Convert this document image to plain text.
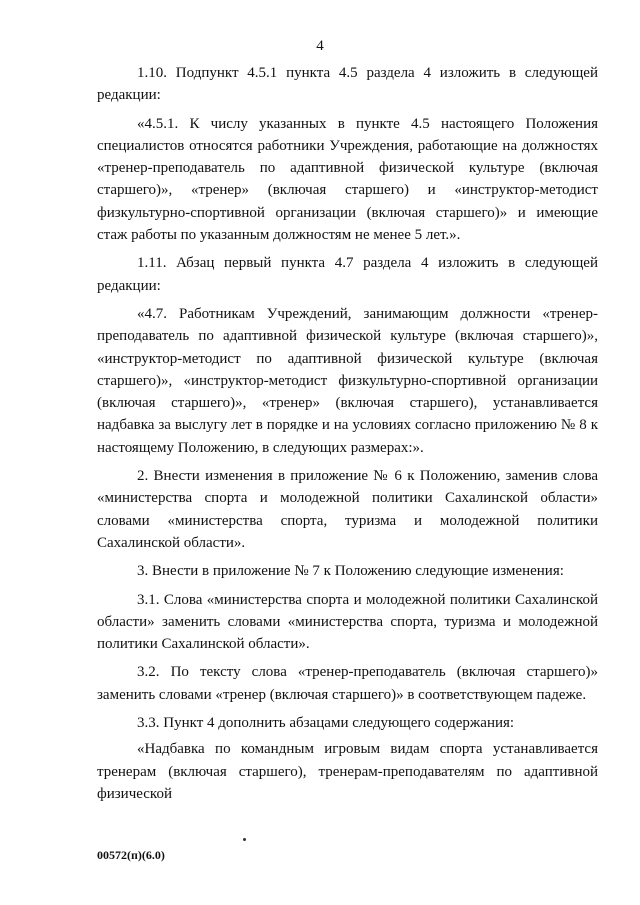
4

1.10. Подпункт 4.5.1 пункта 4.5 раздела 4 изложить в следующей редакции:

«4.5.1. К числу указанных в пункте 4.5 настоящего Положения специалистов относятся работники Учреждения, работающие на должностях «тренер-преподаватель по адаптивной физической культуре (включая старшего)», «тренер» (включая старшего) и «инструктор-методист физкультурно-спортивной организации (включая старшего)» и имеющие стаж работы по указанным должностям не менее 5 лет.».

1.11. Абзац первый пункта 4.7 раздела 4 изложить в следующей редакции:

«4.7. Работникам Учреждений, занимающим должности «тренер-преподаватель по адаптивной физической культуре (включая старшего)», «инструктор-методист по адаптивной физической культуре (включая старшего)», «инструктор-методист физкультурно-спортивной организации (включая старшего)», «тренер» (включая старшего), устанавливается надбавка за выслугу лет в порядке и на условиях согласно приложению № 8 к настоящему Положению, в следующих размерах:».

2. Внести изменения в приложение № 6 к Положению, заменив слова «министерства спорта и молодежной политики Сахалинской области» словами «министерства спорта, туризма и молодежной политики Сахалинской области».

3. Внести в приложение № 7 к Положению следующие изменения:

3.1. Слова «министерства спорта и молодежной политики Сахалинской области» заменить словами «министерства спорта, туризма и молодежной политики Сахалинской области».

3.2. По тексту слова «тренер-преподаватель (включая старшего)» заменить словами «тренер (включая старшего)» в соответствующем падеже.

3.3. Пункт 4 дополнить абзацами следующего содержания:

«Надбавка по командным игровым видам спорта устанавливается тренерам (включая старшего), тренерам-преподавателям по адаптивной физической

00572(п)(6.0)
